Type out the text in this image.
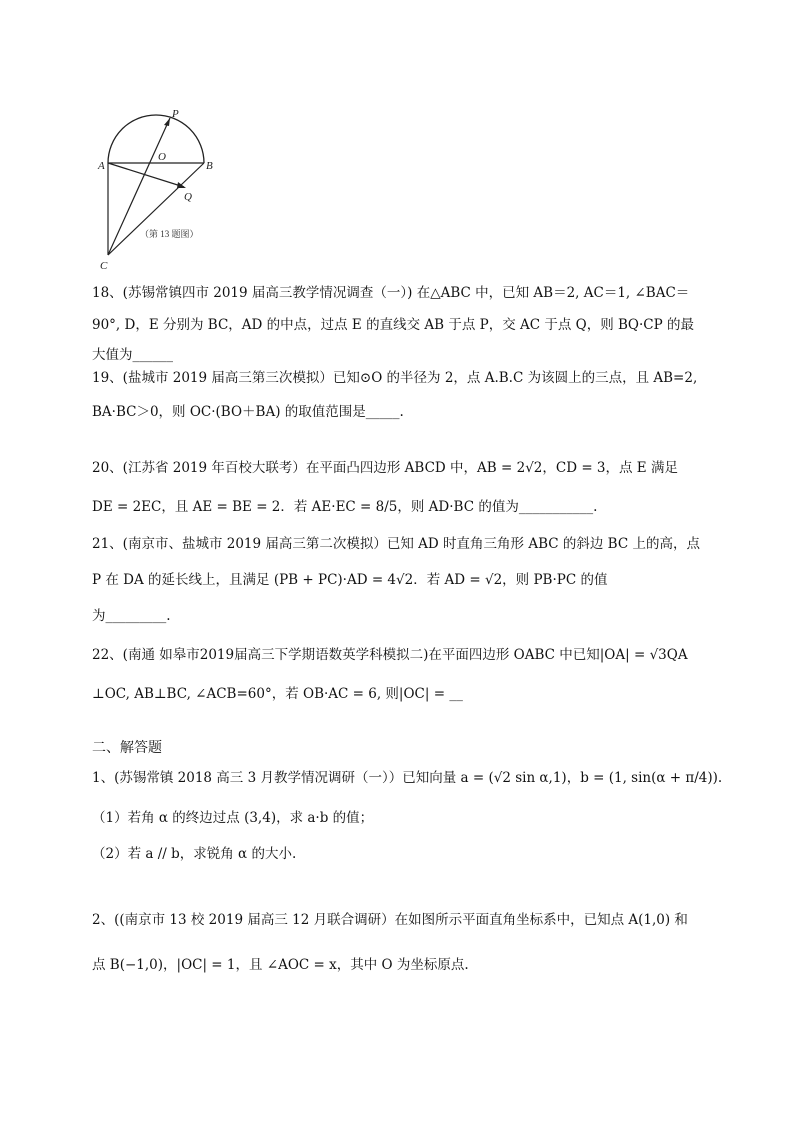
P
O
A	B
Q
C
（第 13 题图）
18、(苏锡常镇四市 2019 届高三教学情况调查（一）) 在△ABC 中，已知 AB＝2, AC＝1, ∠BAC＝
90°, D，E 分别为 BC，AD 的中点，过点 E 的直线交 AB 于点 P，交 AC 于点 Q，则 BQ·CP 的最
大值为______
19、(盐城市 2019 届高三第三次模拟）已知⊙O 的半径为 2，点 A.B.C 为该圆上的三点，且 AB=2,
BA·BC＞0，则 OC·(BO＋BA) 的取值范围是_____.
20、(江苏省 2019 年百校大联考）在平面凸四边形 ABCD 中，AB = 2√2，CD = 3，点 E 满足
DE = 2EC，且 AE = BE = 2．若 AE·EC = 8/5，则 AD·BC 的值为___________.
21、(南京市、盐城市 2019 届高三第二次模拟）已知 AD 时直角三角形 ABC 的斜边 BC 上的高，点
P 在 DA 的延长线上，且满足 (PB + PC)·AD = 4√2．若 AD = √2，则 PB·PC 的值
为_________.
22、(南通 如皋市2019届高三下学期语数英学科模拟二)在平面四边形 OABC 中已知|OA| = √3QA
⊥OC, AB⊥BC, ∠ACB=60°，若 OB·AC = 6, 则|OC| = __
二、解答题
1、(苏锡常镇 2018 高三 3 月教学情况调研（一））已知向量 a = (√2 sin α,1)，b = (1, sin(α + π/4)).
（1）若角 α 的终边过点 (3,4)，求 a·b 的值；
（2）若 a // b，求锐角 α 的大小.
2、((南京市 13 校 2019 届高三 12 月联合调研）在如图所示平面直角坐标系中，已知点 A(1,0) 和
点 B(−1,0)，|OC| = 1，且 ∠AOC = x，其中 O 为坐标原点.
